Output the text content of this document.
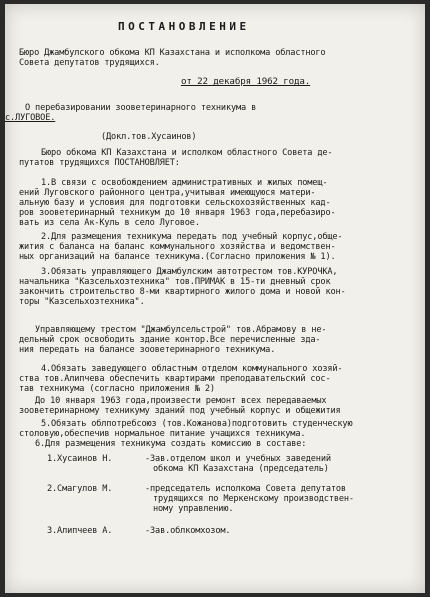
ПОСТАНОВЛЕНИЕ
Бюро Джамбулского обкома КП Казахстана и исполкома областного
Совета депутатов трудящихся.
от 22 декабря 1962 года.
О перебазировании зооветеринарного техникума в
с.ЛУГОВОЕ.
(Докл.тов.Хусаинов)
Бюро обкома КП Казахстана и исполком областного Совета де-
путатов трудящихся ПОСТАНОВЛЯЕТ:
1.В связи с освобождением административных и жилых помещ-
ений Луговского районного центра,учитывая имеющуюся матери-
альную базу и условия для подготовки сельскохозяйственных кад-
ров зооветеринарный техникум до 10 января 1963 года,перебазиро-
вать из села Ак-Куль в село Луговое.
2.Для размещения техникума передать под учебный корпус,обще-
жития с баланса на баланс коммунального хозяйства и ведомствен-
ных организаций на балансе техникума.(Согласно приложения № 1).
3.Обязать управляющего Джамбулским автотрестом тов.КУРОЧКА,
начальника "Казсельхозтехника" тов.ПРИМАК в 15-ти дневный срок
закончить строительство 8-ми квартирного жилого дома и новой кон-
торы "Казсельхозтехника".
Управляющему трестом "Джамбулсельстрой" тов.Абрамову в не-
дельный срок освободить здание контор.Все перечисленные зда-
ния передать на балансе зооветеринарного техникума.
4.Обязать заведующего областным отделом коммунального хозяй-
ства тов.Алипчева обеспечить квартирами преподавательский сос-
тав техникума (согласно приложения № 2)
До 10 января 1963 года,произвести ремонт всех передаваемых
зооветеринарному техникуму зданий под учебный корпус и общежития
5.Обязать облпотребсоюз (тов.Кожанова)подготовить студенческую
столовую,обеспечив нормальное питание учащихся техникума.
6.Для размещения техникума создать комиссию в составе:
1.Хусаинов Н.	-Зав.отделом школ и учебных заведений
обкома КП Казахстана (председатель)
2.Смагулов М.	-председатель исполкома Совета депутатов
трудящихся по Меркенскому производствен-
ному управлению.
3.Алипчеев А.	-Зав.облкомхозом.
